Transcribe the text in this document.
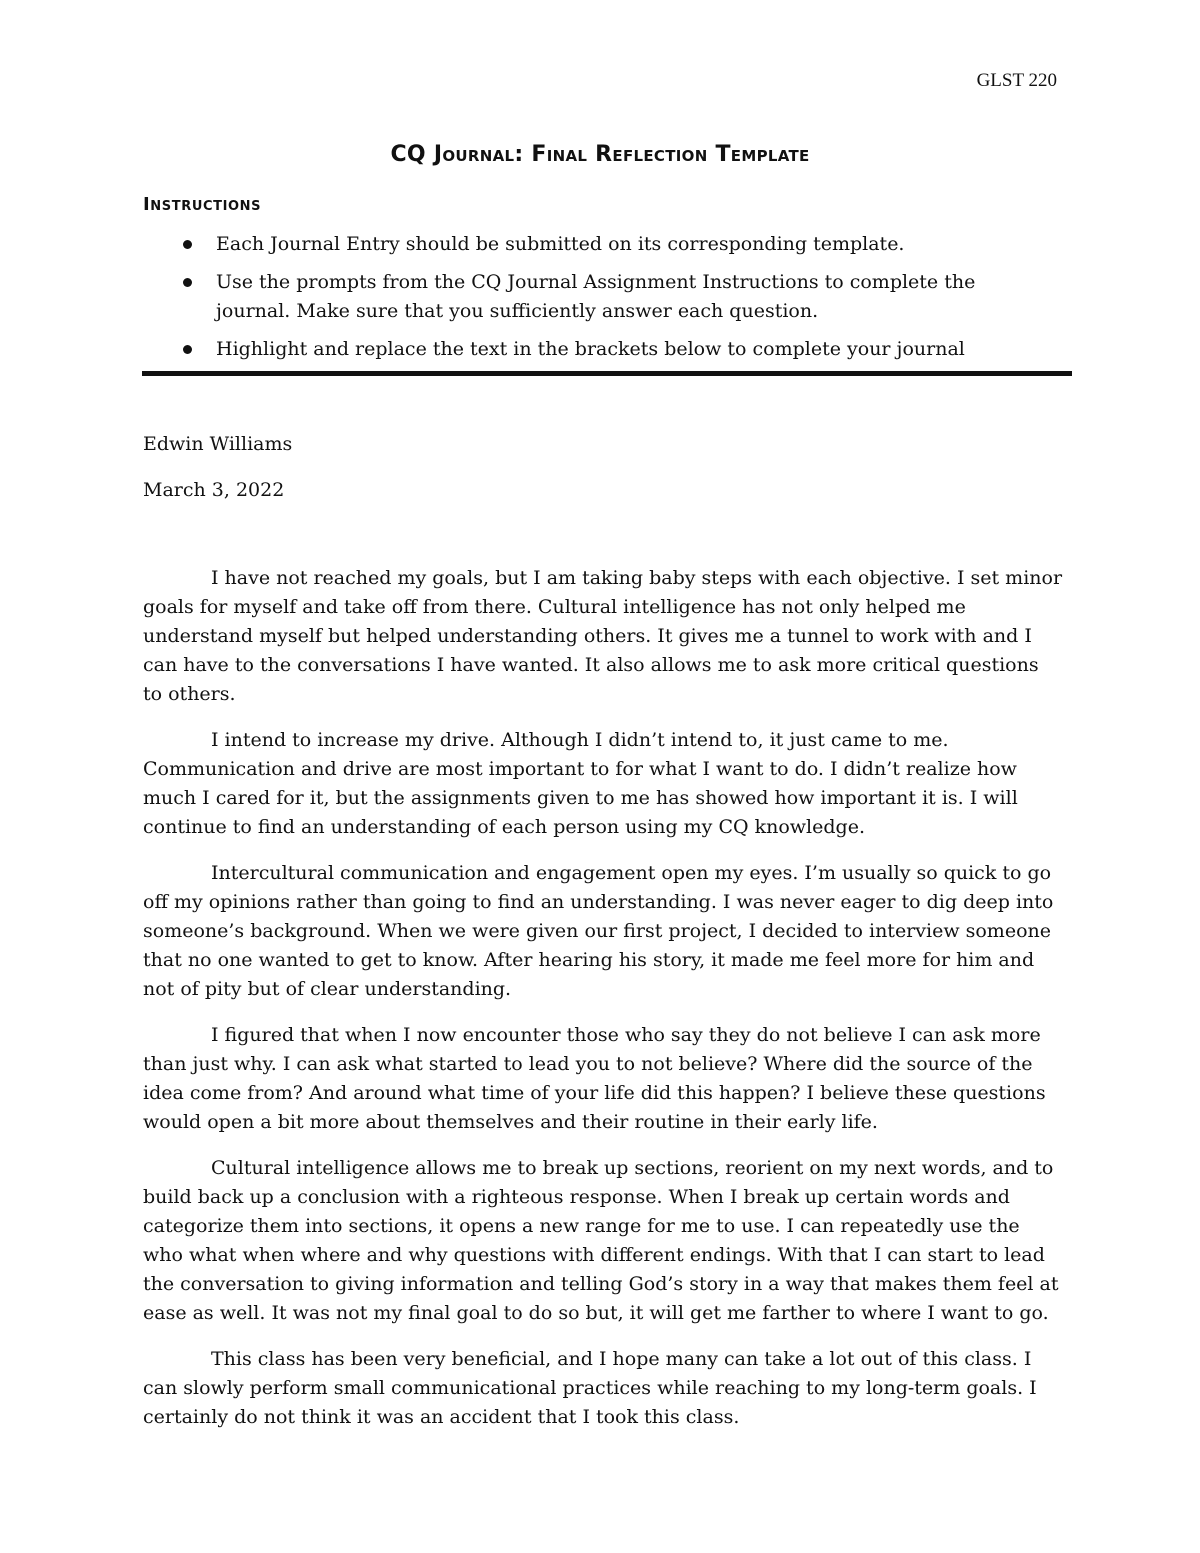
GLST 220
CQ Journal: Final Reflection Template
Instructions
Each Journal Entry should be submitted on its corresponding template.
Use the prompts from the CQ Journal Assignment Instructions to complete the journal. Make sure that you sufficiently answer each question.
Highlight and replace the text in the brackets below to complete your journal
Edwin Williams
March 3, 2022

I have not reached my goals, but I am taking baby steps with each objective. I set minor goals for myself and take off from there. Cultural intelligence has not only helped me understand myself but helped understanding others. It gives me a tunnel to work with and I can have to the conversations I have wanted. It also allows me to ask more critical questions to others.

I intend to increase my drive. Although I didn’t intend to, it just came to me. Communication and drive are most important to for what I want to do. I didn’t realize how much I cared for it, but the assignments given to me has showed how important it is. I will continue to find an understanding of each person using my CQ knowledge.

Intercultural communication and engagement open my eyes. I’m usually so quick to go off my opinions rather than going to find an understanding. I was never eager to dig deep into someone’s background. When we were given our first project, I decided to interview someone that no one wanted to get to know. After hearing his story, it made me feel more for him and not of pity but of clear understanding.

I figured that when I now encounter those who say they do not believe I can ask more than just why. I can ask what started to lead you to not believe? Where did the source of the idea come from? And around what time of your life did this happen? I believe these questions would open a bit more about themselves and their routine in their early life.

Cultural intelligence allows me to break up sections, reorient on my next words, and to build back up a conclusion with a righteous response. When I break up certain words and categorize them into sections, it opens a new range for me to use. I can repeatedly use the who what when where and why questions with different endings. With that I can start to lead the conversation to giving information and telling God’s story in a way that makes them feel at ease as well. It was not my final goal to do so but, it will get me farther to where I want to go.

This class has been very beneficial, and I hope many can take a lot out of this class. I can slowly perform small communicational practices while reaching to my long-term goals. I certainly do not think it was an accident that I took this class.
